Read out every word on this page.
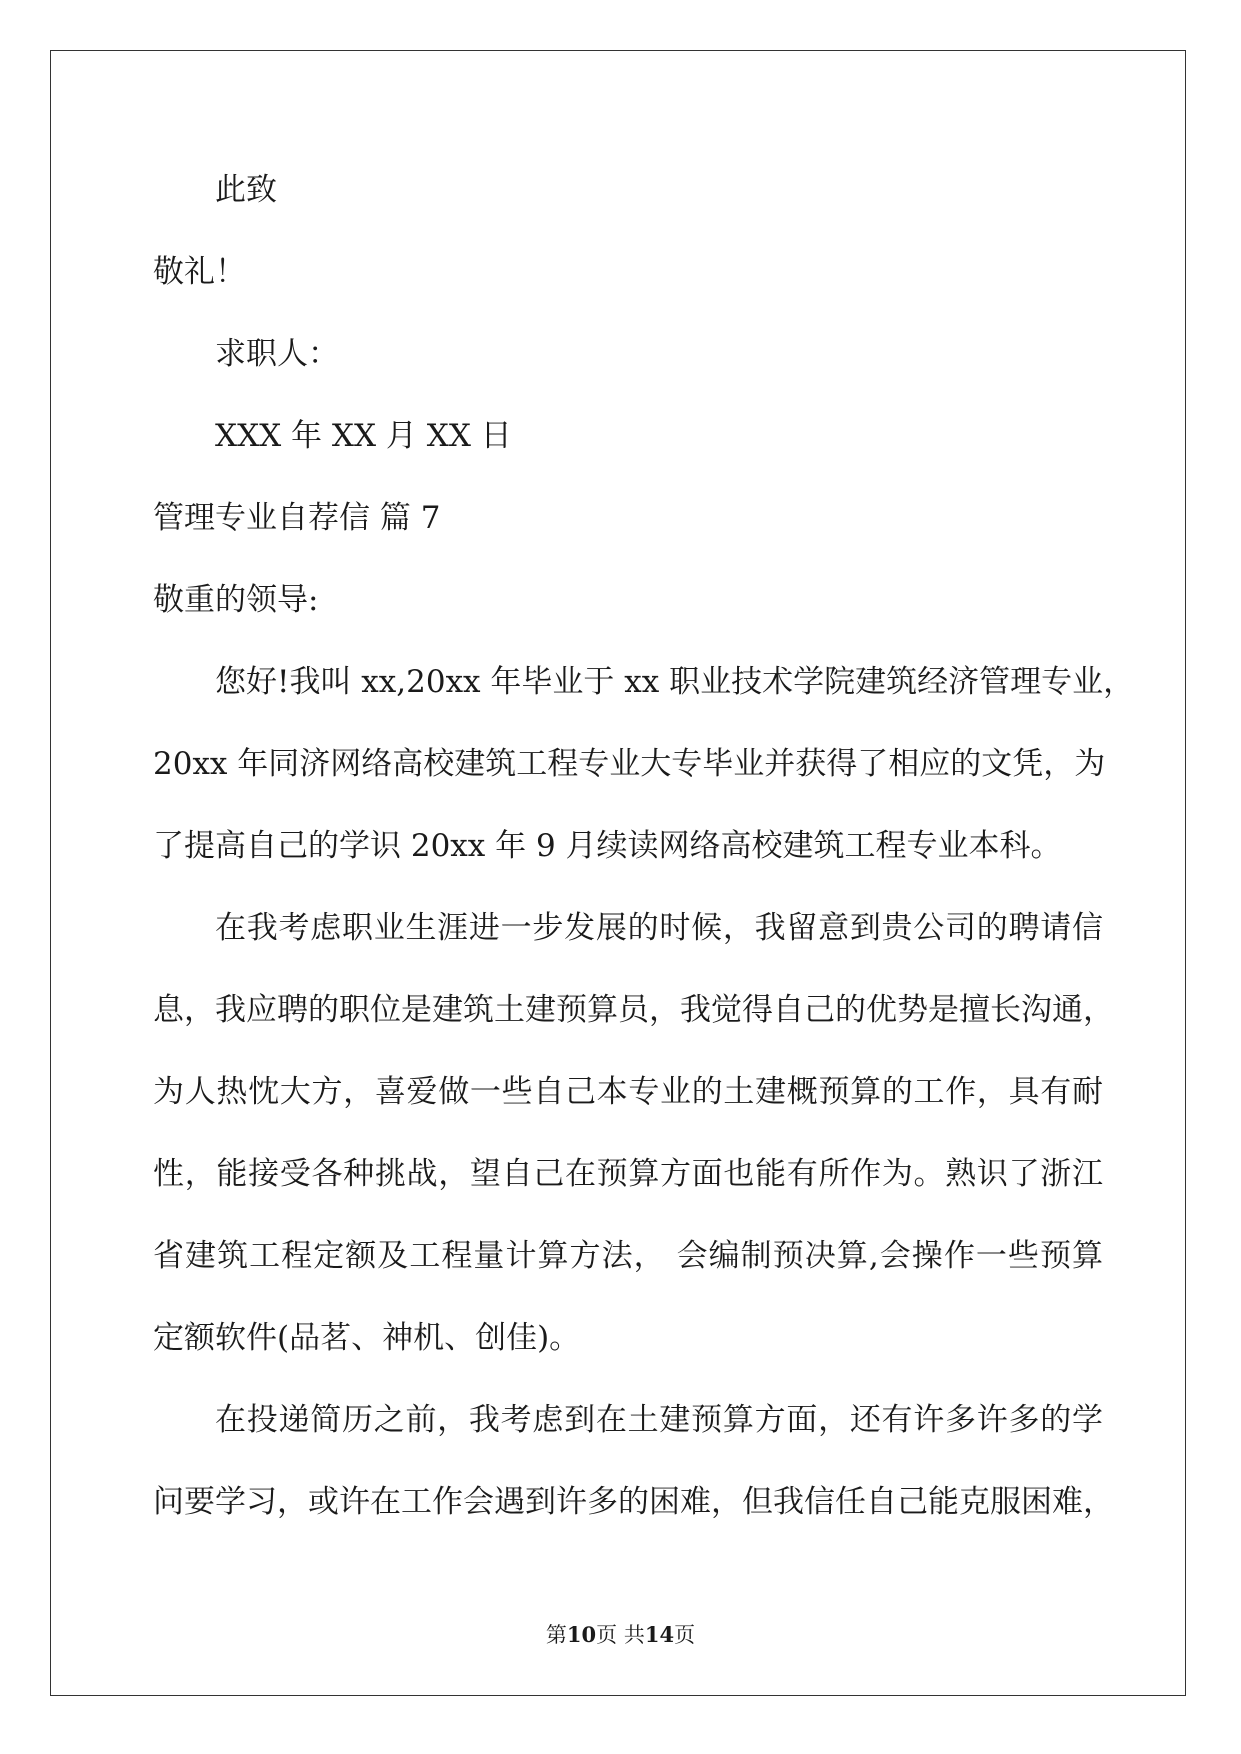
此致
敬礼！
求职人：
XXX 年 XX 月 XX 日
管理专业自荐信 篇 7
敬重的领导:
您好!我叫 xx,20xx 年毕业于 xx 职业技术学院建筑经济管理专业，
20xx 年同济网络高校建筑工程专业大专毕业并获得了相应的文凭，为
了提高自己的学识 20xx 年 9 月续读网络高校建筑工程专业本科。
在我考虑职业生涯进一步发展的时候，我留意到贵公司的聘请信
息，我应聘的职位是建筑土建预算员，我觉得自己的优势是擅长沟通，
为人热忱大方，喜爱做一些自己本专业的土建概预算的工作，具有耐
性，能接受各种挑战，望自己在预算方面也能有所作为。熟识了浙江
省建筑工程定额及工程量计算方法， 会编制预决算,会操作一些预算
定额软件(品茗、神机、创佳)。
在投递简历之前，我考虑到在土建预算方面，还有许多许多的学
问要学习，或许在工作会遇到许多的困难，但我信任自己能克服困难，
第10页 共14页
